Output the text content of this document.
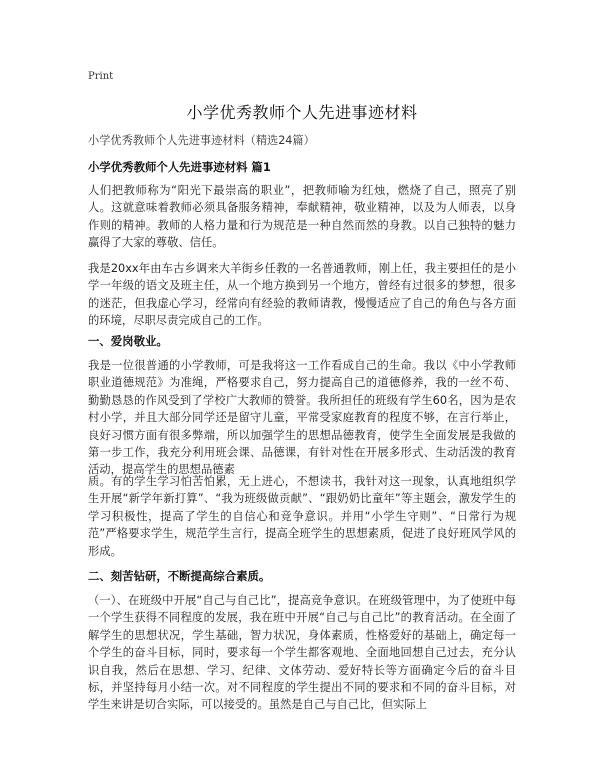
Print
小学优秀教师个人先进事迹材料
小学优秀教师个人先进事迹材料（精选24篇）
小学优秀教师个人先进事迹材料 篇1

人们把教师称为“阳光下最崇高的职业”，把教师喻为红烛，燃烧了自己，照亮了别人。这就意味着教师必须具备服务精神，奉献精神，敬业精神，以及为人师表，以身作则的精神。教师的人格力量和行为规范是一种自然而然的身教。以自己独特的魅力赢得了大家的尊敬、信任。

我是20xx年由车古乡调来大羊街乡任教的一名普通教师，刚上任，我主要担任的是小学一年级的语文及班主任，从一个地方换到另一个地方，曾经有过很多的梦想，很多的迷茫，但我虚心学习，经常向有经验的教师请教，慢慢适应了自己的角色与各方面的环境，尽职尽责完成自己的工作。

一、爱岗敬业。

我是一位很普通的小学教师，可是我将这一工作看成自己的生命。我以《中小学教师职业道德规范》为准绳，严格要求自己，努力提高自己的道德修养，我的一丝不苟、勤勤恳恳的作风受到了学校广大教师的赞誉。我所担任的班级有学生60名，因为是农村小学，并且大部分同学还是留守儿童，平常受家庭教育的程度不够，在言行举止，良好习惯方面有很多弊端，所以加强学生的思想品德教育，使学生全面发展是我做的第一步工作，我充分利用班会课、品德课，有针对性在开展多形式、生动活泼的教育活动，提高学生的思想品德素

质。有的学生学习怕苦怕累，无上进心，不想读书，我针对这一现象，认真地组织学生开展“新学年新打算”、“我为班级做贡献”、“跟奶奶比童年”等主题会，激发学生的学习积极性，提高了学生的自信心和竞争意识。并用“小学生守则”、“日常行为规范”严格要求学生，规范学生言行，提高全班学生的思想素质，促进了良好班风学风的形成。

二、刻苦钻研，不断提高综合素质。

（一）、在班级中开展“自己与自己比”，提高竞争意识。在班级管理中，为了使班中每一个学生获得不同程度的发展，我在班中开展“自己与自己比”的教育活动。在全面了解学生的思想状况，学生基础，智力状况，身体素质，性格爱好的基础上，确定每一个学生的奋斗目标，同时，要求每一个学生都客观地、全面地回想自己过去，充分认识自我，然后在思想、学习、纪律、文体劳动、爱好特长等方面确定今后的奋斗目标，并坚持每月小结一次。对不同程度的学生提出不同的要求和不同的奋斗目标，对学生来讲是切合实际，可以接受的。虽然是自己与自己比，但实际上
